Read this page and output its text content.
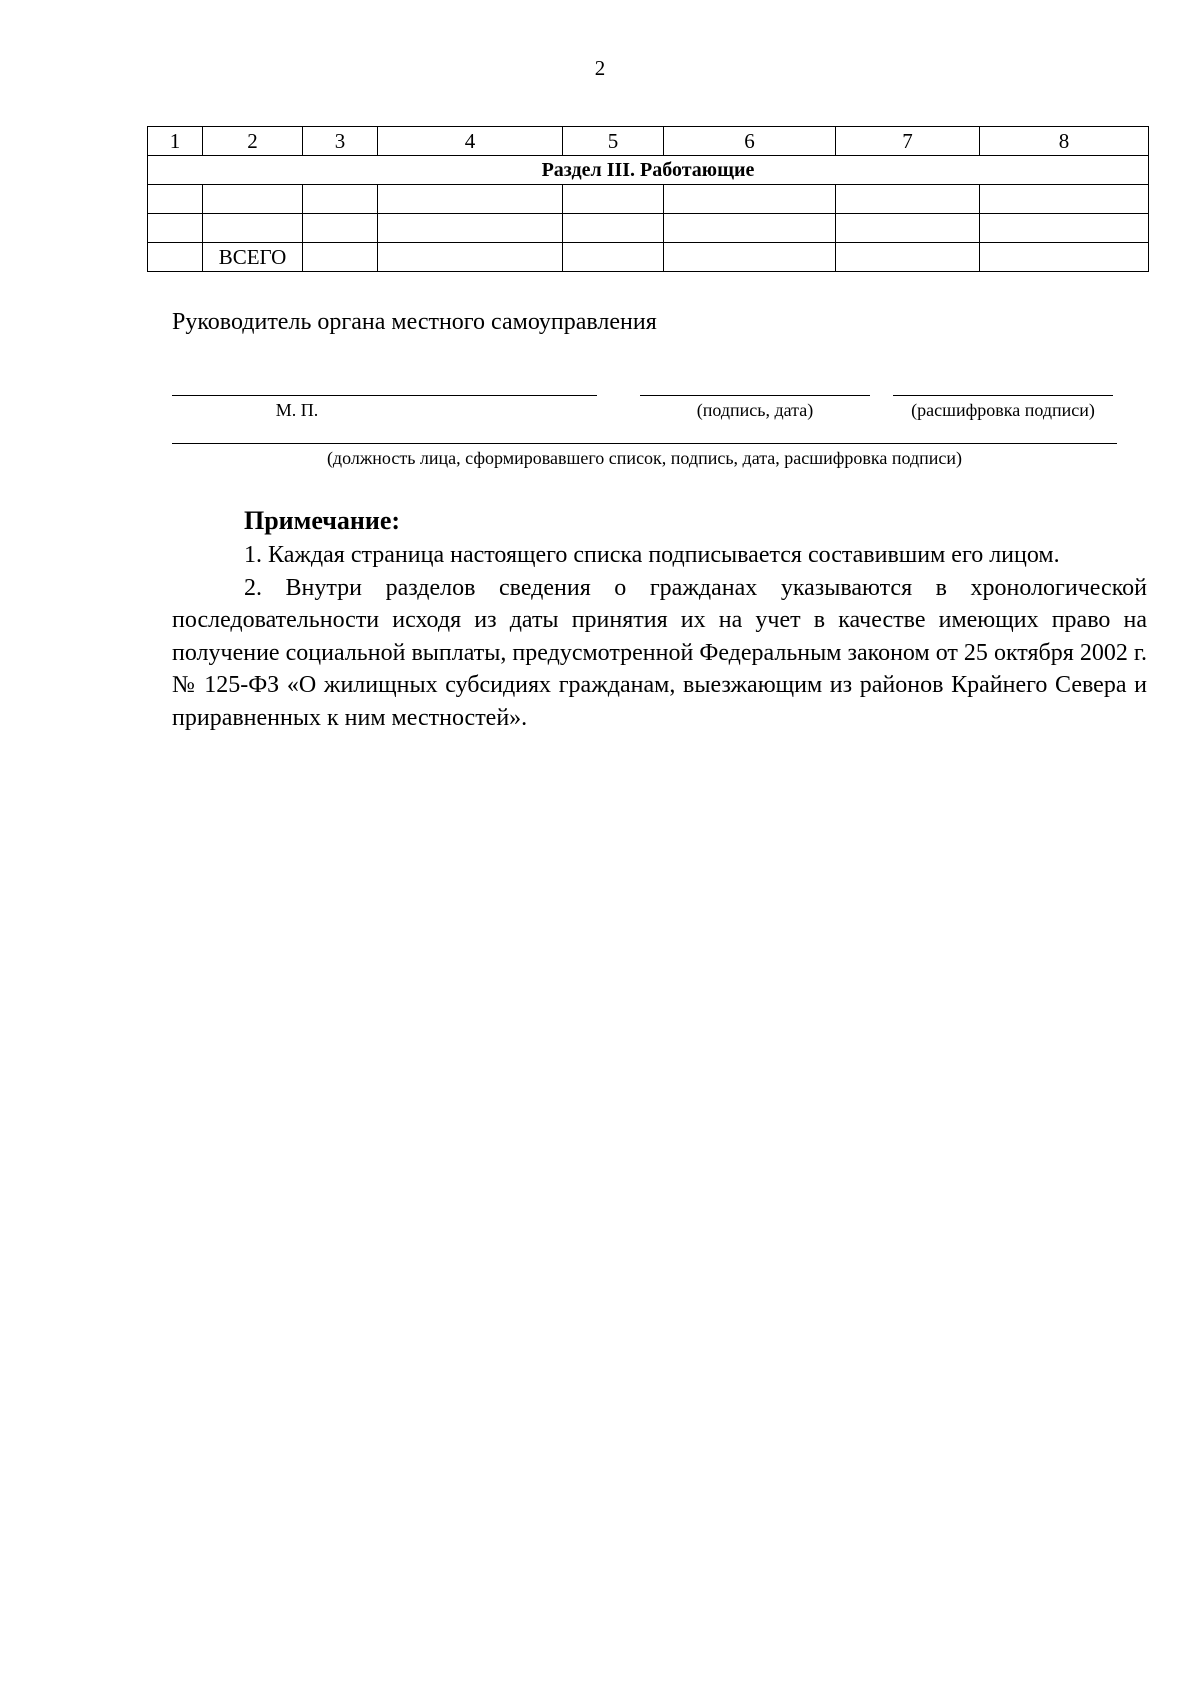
2
1	2	3	4	5	6	7	8
Раздел III. Работающие							

	ВСЕГО						
Руководитель органа местного самоуправления
М. П.	(подпись, дата)	(расшифровка подписи)
(должность лица, сформировавшего список, подпись, дата, расшифровка подписи)
Примечание:

1. Каждая страница настоящего списка подписывается составившим его лицом.

2. Внутри разделов сведения о гражданах указываются в хронологической последовательности исходя из даты принятия их на учет в качестве имеющих право на получение социальной выплаты, предусмотренной Федеральным законом от 25 октября 2002 г. № 125-ФЗ «О жилищных субсидиях гражданам, выезжающим из районов Крайнего Севера и приравненных к ним местностей».
